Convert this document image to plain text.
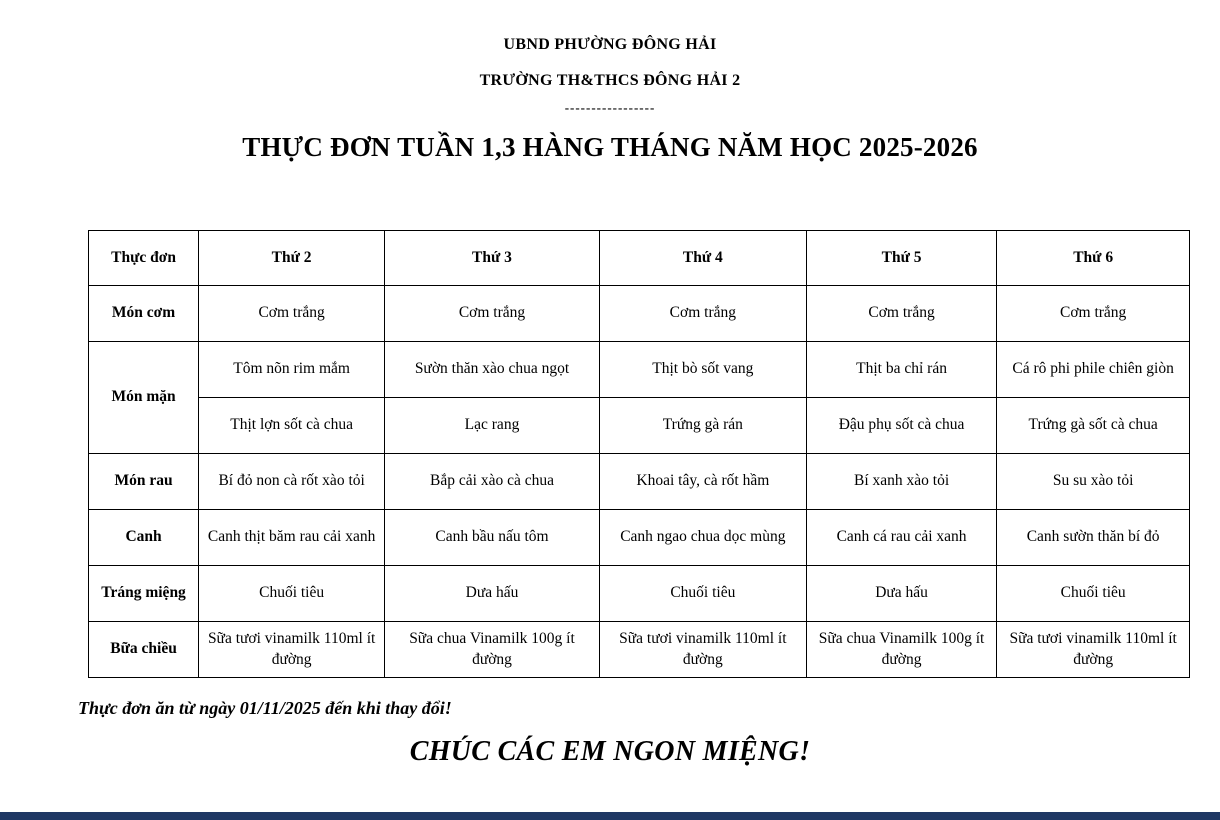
UBND PHƯỜNG ĐÔNG HẢI
TRƯỜNG TH&THCS ĐÔNG HẢI 2
-----------------
THỰC ĐƠN TUẦN 1,3 HÀNG THÁNG NĂM HỌC 2025-2026
Thực đơn	Thứ 2	Thứ 3	Thứ 4	Thứ 5	Thứ 6
Món cơm	Cơm trắng	Cơm trắng	Cơm trắng	Cơm trắng	Cơm trắng
Món mặn	Tôm nõn rim mắm	Sườn thăn xào chua ngọt	Thịt bò sốt vang	Thịt ba chỉ rán	Cá rô phi phile chiên giòn
	Thịt lợn sốt cà chua	Lạc rang	Trứng gà rán	Đậu phụ sốt cà chua	Trứng gà sốt cà chua
Món rau	Bí đỏ non cà rốt xào tỏi	Bắp cải xào cà chua	Khoai tây, cà rốt hầm	Bí xanh xào tỏi	Su su xào tỏi
Canh	Canh thịt băm rau cải xanh	Canh bầu nấu tôm	Canh ngao chua dọc mùng	Canh cá rau cải xanh	Canh sườn thăn bí đỏ
Tráng miệng	Chuối tiêu	Dưa hấu	Chuối tiêu	Dưa hấu	Chuối tiêu
Bữa chiều	Sữa tươi vinamilk 110ml ít đường	Sữa chua Vinamilk 100g ít đường	Sữa tươi vinamilk 110ml ít đường	Sữa chua Vinamilk 100g ít đường	Sữa tươi vinamilk 110ml ít đường
Thực đơn ăn từ ngày 01/11/2025 đến khi thay đổi!
CHÚC CÁC EM NGON MIỆNG!
